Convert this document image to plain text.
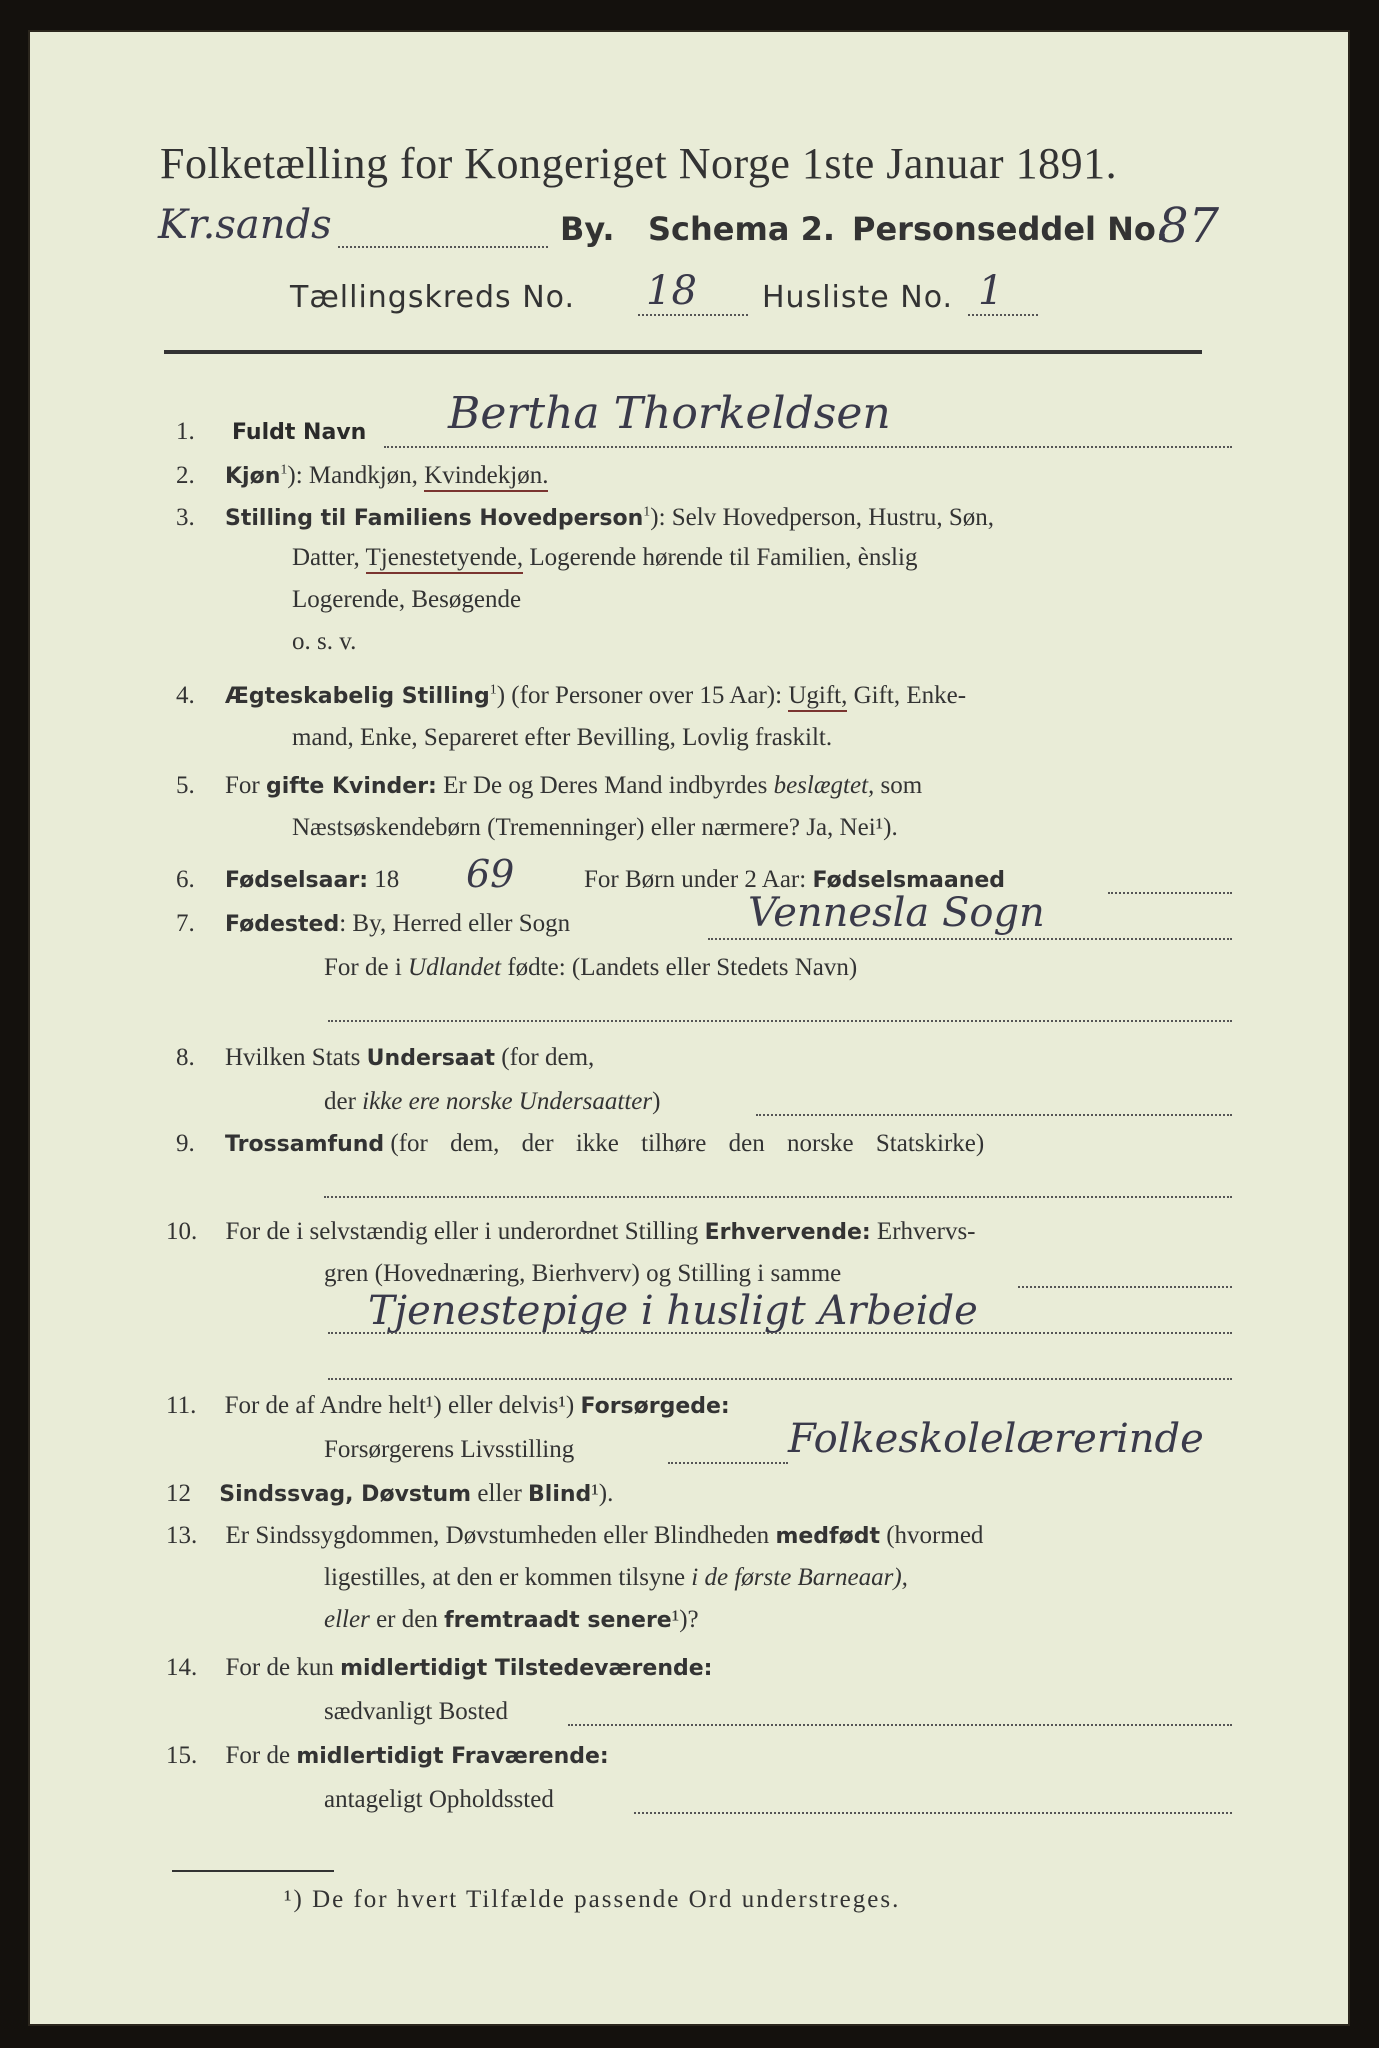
Folketælling for Kongeriget Norge 1ste Januar 1891.
Kr.sands	By. Schema 2. Personseddel No.
87
Tællingskreds No. 18 Husliste No. 1
1. Fuldt Navn Bertha Thorkeldsen
2. Kjøn$^1$): Mandkjøn, Kvindekjøn.
3. Stilling til Familiens Hovedperson$^1$): Selv Hovedperson, Hustru, Søn,
Datter, Tjenestetyende, Logerende hørende til Familien, ènslig
Logerende, Besøgende
o. s. v.
4. Ægteskabelig Stilling$^1$) (for Personer over 15 Aar): Ugift, Gift, Enke-
mand, Enke, Separeret efter Bevilling, Lovlig fraskilt.
5. For gifte Kvinder: Er De og Deres Mand indbyrdes beslægtet, som
Næstsøskendebørn (Tremenninger) eller nærmere? Ja, Nei¹).
6. Fødselsaar: 18 69	For Børn under 2 Aar: Fødselsmaaned
7. Fødested: By, Herred eller Sogn	Vennesla Sogn
For de i Udlandet fødte: (Landets eller Stedets Navn)
8. Hvilken Stats Undersaat (for dem,
der ikke ere norske Undersaatter)
9. Trossamfund (for dem, der ikke tilhøre den norske Statskirke)
10. For de i selvstændig eller i underordnet Stilling Erhvervende: Erhvervs-
gren (Hovednæring, Bierhverv) og Stilling i samme
Tjenestepige i husligt Arbeide
11. For de af Andre helt¹) eller delvis¹) Forsørgede:
Forsørgerens Livsstilling	Folkeskolelærerinde
12 Sindssvag, Døvstum eller Blind¹).
13. Er Sindssygdommen, Døvstumheden eller Blindheden medfødt (hvormed
ligestilles, at den er kommen tilsyne i de første Barneaar),
eller er den fremtraadt senere¹)?
14. For de kun midlertidigt Tilstedeværende:
sædvanligt Bosted
15. For de midlertidigt Fraværende:
antageligt Opholdssted
¹) De for hvert Tilfælde passende Ord understreges.
